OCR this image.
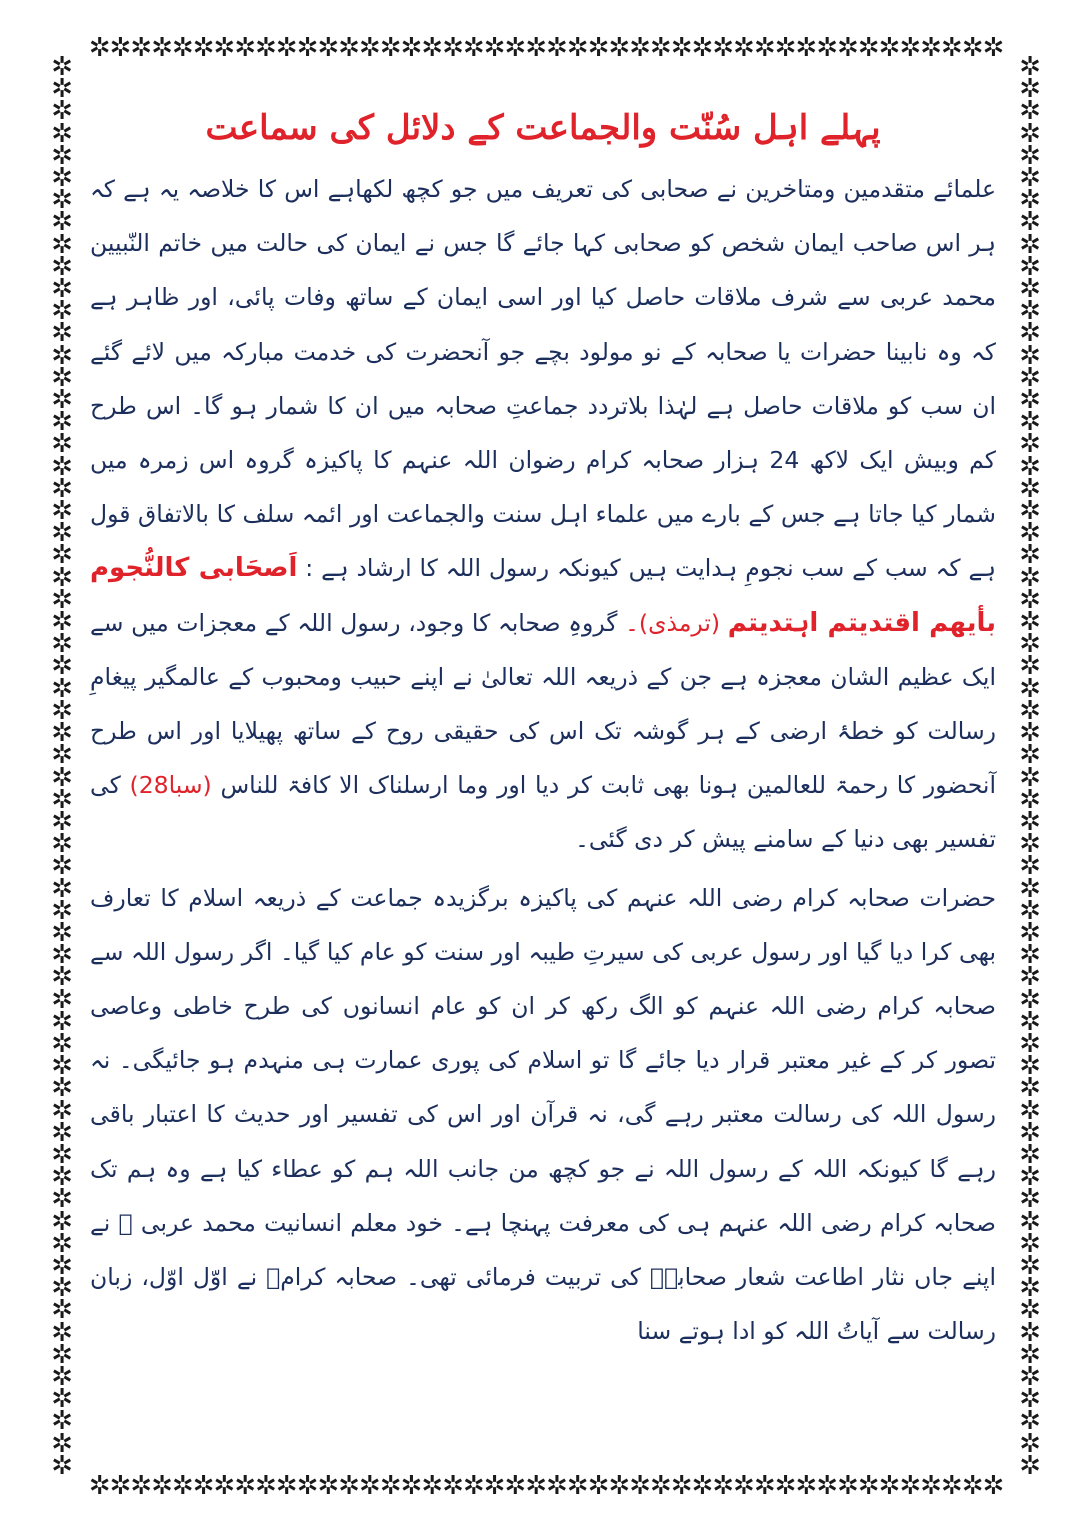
✲✲✲✲✲✲✲✲✲✲✲✲✲✲✲✲✲✲✲✲✲✲✲✲✲✲✲✲✲✲✲✲✲✲✲✲✲✲✲✲✲✲✲✲
✲✲✲✲✲✲✲✲✲✲✲✲✲✲✲✲✲✲✲✲✲✲✲✲✲✲✲✲✲✲✲✲✲✲✲✲✲✲✲✲✲✲✲✲
✲✲✲✲✲✲✲✲✲✲✲✲✲✲✲✲✲✲✲✲✲✲✲✲✲✲✲✲✲✲✲✲✲✲✲✲✲✲✲✲✲✲✲✲✲✲✲✲✲✲✲✲✲✲✲✲✲✲✲✲✲✲✲✲
✲✲✲✲✲✲✲✲✲✲✲✲✲✲✲✲✲✲✲✲✲✲✲✲✲✲✲✲✲✲✲✲✲✲✲✲✲✲✲✲✲✲✲✲✲✲✲✲✲✲✲✲✲✲✲✲✲✲✲✲✲✲✲✲
پہلے اہل سُنّت والجماعت کے دلائل کی سماعت

علمائے متقدمین ومتاخرین نے صحابی کی تعریف میں جو کچھ لکھاہے اس کا خلاصہ یہ ہے کہ ہر اس صاحب ایمان شخص کو صحابی کہا جائے گا جس نے ایمان کی حالت میں خاتم النّبیین محمد عربی سے شرف ملاقات حاصل کیا اور اسی ایمان کے ساتھ وفات پائی، اور ظاہر ہے کہ وہ نابینا حضرات یا صحابہ کے نو مولود بچے جو آنحضرت کی خدمت مبارکہ میں لائے گئے ان سب کو ملاقات حاصل ہے لہٰذا بلاتردد جماعتِ صحابہ میں ان کا شمار ہو گا۔ اس طرح کم وبیش ایک لاکھ 24 ہزار صحابہ کرام رضوان اللہ عنہم کا پاکیزہ گروہ اس زمرہ میں شمار کیا جاتا ہے جس کے بارے میں علماء اہل سنت والجماعت اور ائمہ سلف کا بالاتفاق قول ہے کہ سب کے سب نجومِ ہدایت ہیں کیونکہ رسول اللہ کا ارشاد ہے : اَصحَابی کالنُّجوم بأیھم اقتدیتم اہتدیتم (ترمذی)۔ گروہِ صحابہ کا وجود، رسول اللہ کے معجزات میں سے ایک عظیم الشان معجزہ ہے جن کے ذریعہ اللہ تعالیٰ نے اپنے حبیب ومحبوب کے عالمگیر پیغامِ رسالت کو خطۂ ارضی کے ہر گوشہ تک اس کی حقیقی روح کے ساتھ پھیلایا اور اس طرح آنحضور کا رحمۃ للعالمین ہونا بھی ثابت کر دیا اور وما ارسلناک الا کافۃ للناس (سبا28) کی تفسیر بھی دنیا کے سامنے پیش کر دی گئی۔

حضرات صحابہ کرام رضی اللہ عنہم کی پاکیزہ برگزیدہ جماعت کے ذریعہ اسلام کا تعارف بھی کرا دیا گیا اور رسول عربی کی سیرتِ طیبہ اور سنت کو عام کیا گیا۔ اگر رسول اللہ سے صحابہ کرام رضی اللہ عنہم کو الگ رکھ کر ان کو عام انسانوں کی طرح خاطی وعاصی تصور کر کے غیر معتبر قرار دیا جائے گا تو اسلام کی پوری عمارت ہی منہدم ہو جائیگی۔ نہ رسول اللہ کی رسالت معتبر رہے گی، نہ قرآن اور اس کی تفسیر اور حدیث کا اعتبار باقی رہے گا کیونکہ اللہ کے رسول اللہ نے جو کچھ من جانب اللہ ہم کو عطاء کیا ہے وہ ہم تک صحابہ کرام رضی اللہ عنہم ہی کی معرفت پہنچا ہے۔ خود معلم انسانیت محمد عربی ﷺ نے اپنے جاں نثار اطاعت شعار صحابہؓ کی تربیت فرمائی تھی۔ صحابہ کرامؓ نے اوّل اوّل، زبان رسالت سے آیاتُ اللہ کو ادا ہوتے سنا
